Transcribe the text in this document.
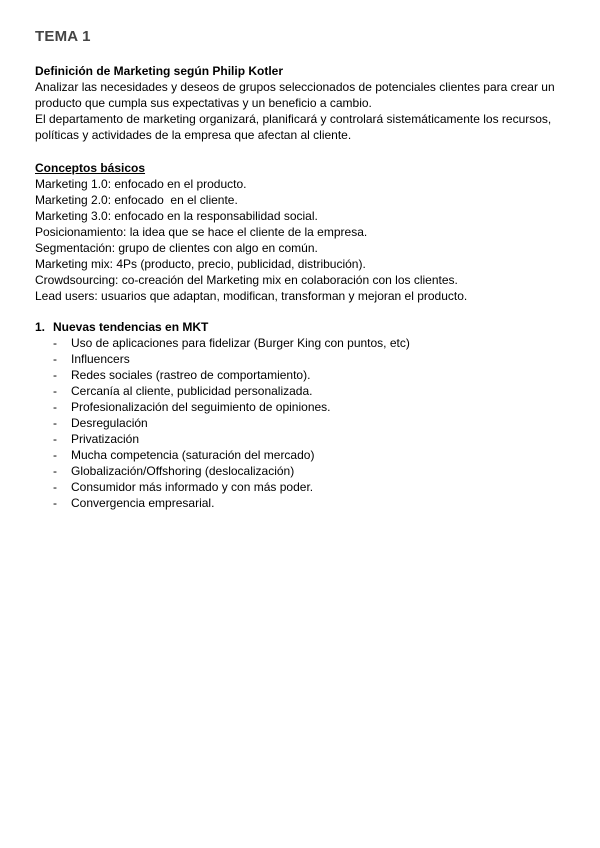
TEMA 1
Definición de Marketing según Philip Kotler
Analizar las necesidades y deseos de grupos seleccionados de potenciales clientes para crear un
producto que cumpla sus expectativas y un beneficio a cambio.
El departamento de marketing organizará, planificará y controlará sistemáticamente los recursos,
políticas y actividades de la empresa que afectan al cliente.
Conceptos básicos
Marketing 1.0: enfocado en el producto.
Marketing 2.0: enfocado  en el cliente.
Marketing 3.0: enfocado en la responsabilidad social.
Posicionamiento: la idea que se hace el cliente de la empresa.
Segmentación: grupo de clientes con algo en común.
Marketing mix: 4Ps (producto, precio, publicidad, distribución).
Crowdsourcing: co-creación del Marketing mix en colaboración con los clientes.
Lead users: usuarios que adaptan, modifican, transforman y mejoran el producto.
1. Nuevas tendencias en MKT
- Uso de aplicaciones para fidelizar (Burger King con puntos, etc)
- Influencers
- Redes sociales (rastreo de comportamiento).
- Cercanía al cliente, publicidad personalizada.
- Profesionalización del seguimiento de opiniones.
- Desregulación
- Privatización
- Mucha competencia (saturación del mercado)
- Globalización/Offshoring (deslocalización)
- Consumidor más informado y con más poder.
- Convergencia empresarial.
